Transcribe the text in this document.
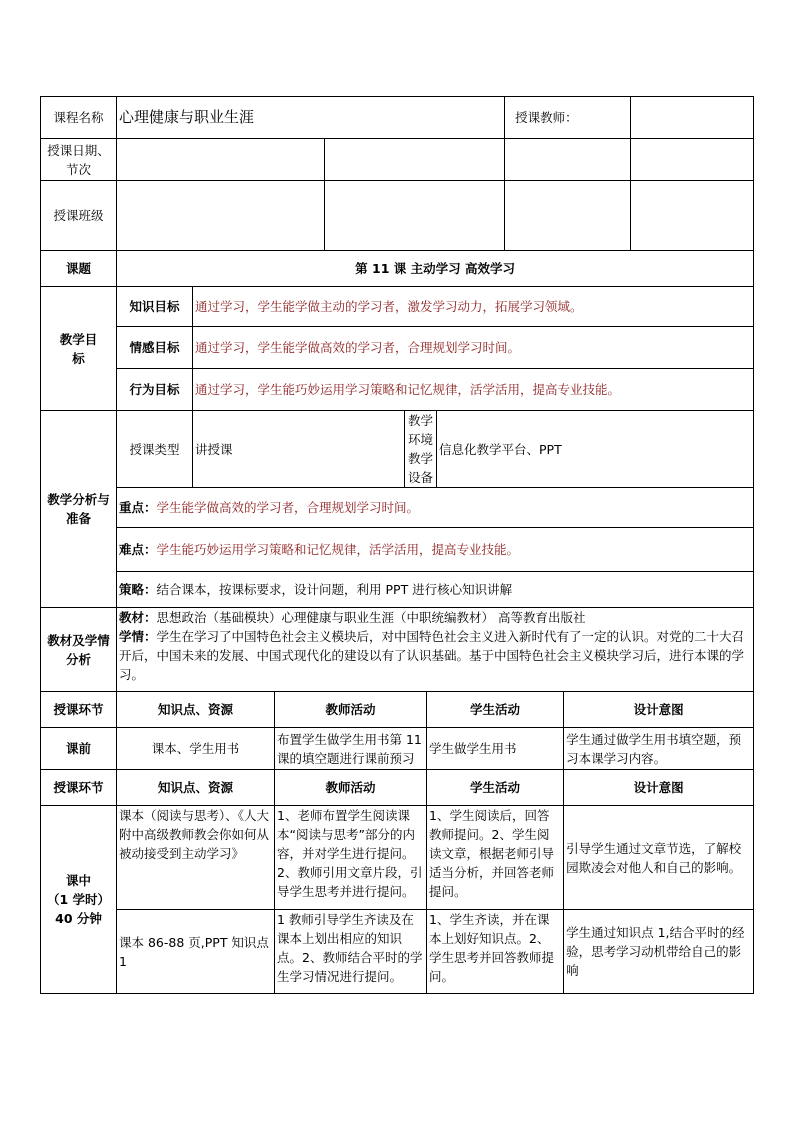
课程名称	心理健康与职业生涯							授课教师：		
授课日期、节次										
授课班级										
课题	第 11 课 主动学习 高效学习									
教学目标	知识目标	通过学习，学生能学做主动的学习者，激发学习动力，拓展学习领域。								
	情感目标	通过学习，学生能学做高效的学习者，合理规划学习时间。								
	行为目标	通过学习，学生能巧妙运用学习策略和记忆规律，活学活用，提高专业技能。								
教学分析与准备	授课类型	讲授课			教学环境教学设备		信息化教学平台、PPT			
	重点：学生能学做高效的学习者，合理规划学习时间。									
	难点：学生能巧妙运用学习策略和记忆规律，活学活用，提高专业技能。									
	策略：结合课本，按课标要求，设计问题，利用 PPT 进行核心知识讲解									
教材及学情分析	教材：思想政治（基础模块）心理健康与职业生涯（中职统编教材） 高等教育出版社
学情：学生在学习了中国特色社会主义模块后，对中国特色社会主义进入新时代有了一定的认识。对党的二十大召开后，中国未来的发展、中国式现代化的建设以有了认识基础。基于中国特色社会主义模块学习后，进行本课的学习。									

授课环节	知识点、资源		教师活动			学生活动			设计意图	
课前	课本、学生用书		布置学生做学生用书第 11 课的填空题进行课前预习			学生做学生用书			学生通过做学生用书填空题，预习本课学习内容。	
授课环节	知识点、资源		教师活动			学生活动			设计意图	

课中
（1 学时）
40 分钟	课本（阅读与思考）、《人大附中高级教师教会你如何从被动接受到主动学习》		1、老师布置学生阅读课本“阅读与思考”部分的内容，并对学生进行提问。2、教师引用文章片段，引导学生思考并进行提问。			1、学生阅读后，回答教师提问。2、学生阅读文章，根据老师引导适当分析，并回答老师提问。			引导学生通过文章节选，了解校园欺凌会对他人和自己的影响。	
	课本 86-88 页,PPT 知识点 1		1 教师引导学生齐读及在课本上划出相应的知识点。2、教师结合平时的学生学习情况进行提问。			1、学生齐读，并在课本上划好知识点。2、学生思考并回答教师提问。			学生通过知识点 1,结合平时的经验，思考学习动机带给自己的影响	
